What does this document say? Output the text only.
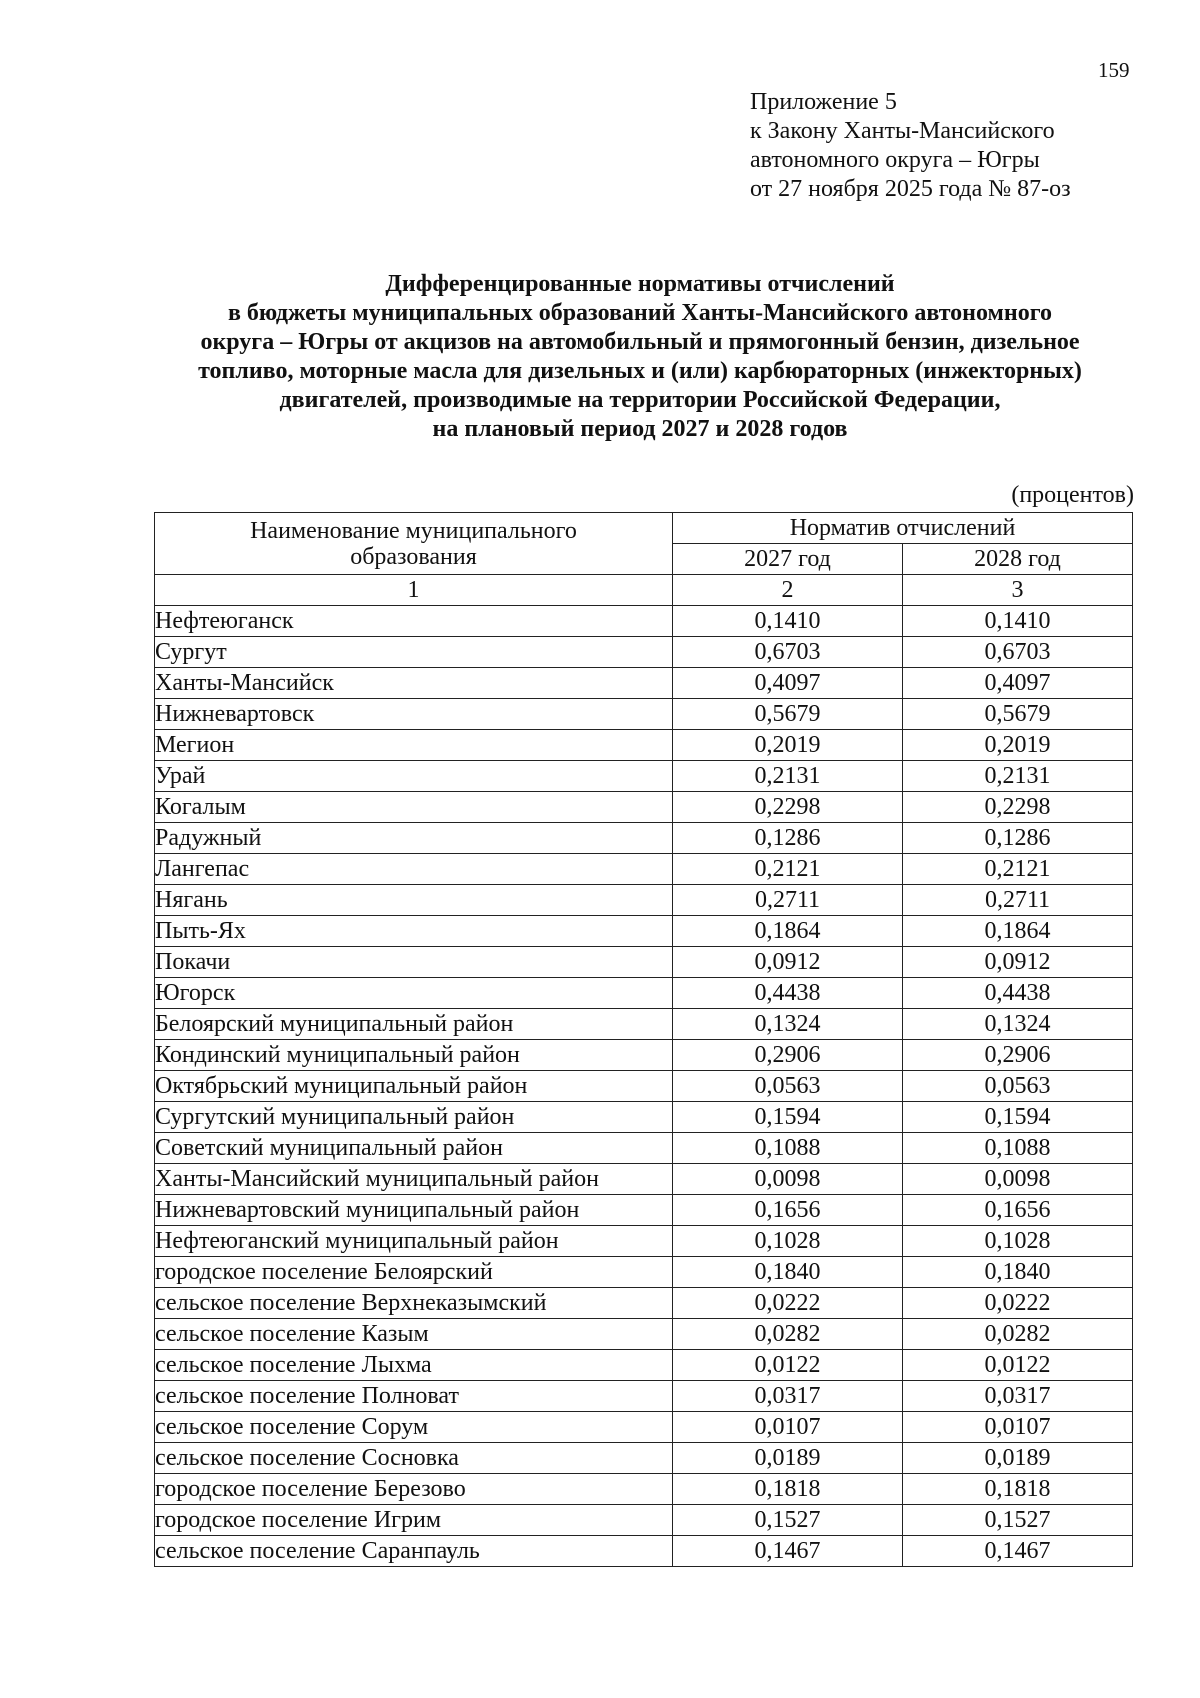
159
Приложение 5
к Закону Ханты-Мансийского
автономного округа – Югры
от 27 ноября 2025 года № 87-оз
Дифференцированные нормативы отчислений
в бюджеты муниципальных образований Ханты-Мансийского автономного
округа – Югры от акцизов на автомобильный и прямогонный бензин, дизельное
топливо, моторные масла для дизельных и (или) карбюраторных (инжекторных)
двигателей, производимые на территории Российской Федерации,
на плановый период 2027 и 2028 годов
(процентов)
Наименование муниципального
образования	Норматив отчислений	
	2027 год	2028 год
1	2	3
Нефтеюганск	0,1410	0,1410
Сургут	0,6703	0,6703
Ханты-Мансийск	0,4097	0,4097
Нижневартовск	0,5679	0,5679
Мегион	0,2019	0,2019
Урай	0,2131	0,2131
Когалым	0,2298	0,2298
Радужный	0,1286	0,1286
Лангепас	0,2121	0,2121
Нягань	0,2711	0,2711
Пыть-Ях	0,1864	0,1864
Покачи	0,0912	0,0912
Югорск	0,4438	0,4438
Белоярский муниципальный район	0,1324	0,1324
Кондинский муниципальный район	0,2906	0,2906
Октябрьский муниципальный район	0,0563	0,0563
Сургутский муниципальный район	0,1594	0,1594
Советский муниципальный район	0,1088	0,1088
Ханты-Мансийский муниципальный район	0,0098	0,0098
Нижневартовский муниципальный район	0,1656	0,1656
Нефтеюганский муниципальный район	0,1028	0,1028
городское поселение Белоярский	0,1840	0,1840
сельское поселение Верхнеказымский	0,0222	0,0222
сельское поселение Казым	0,0282	0,0282
сельское поселение Лыхма	0,0122	0,0122
сельское поселение Полноват	0,0317	0,0317
сельское поселение Сорум	0,0107	0,0107
сельское поселение Сосновка	0,0189	0,0189
городское поселение Березово	0,1818	0,1818
городское поселение Игрим	0,1527	0,1527
сельское поселение Саранпауль	0,1467	0,1467
